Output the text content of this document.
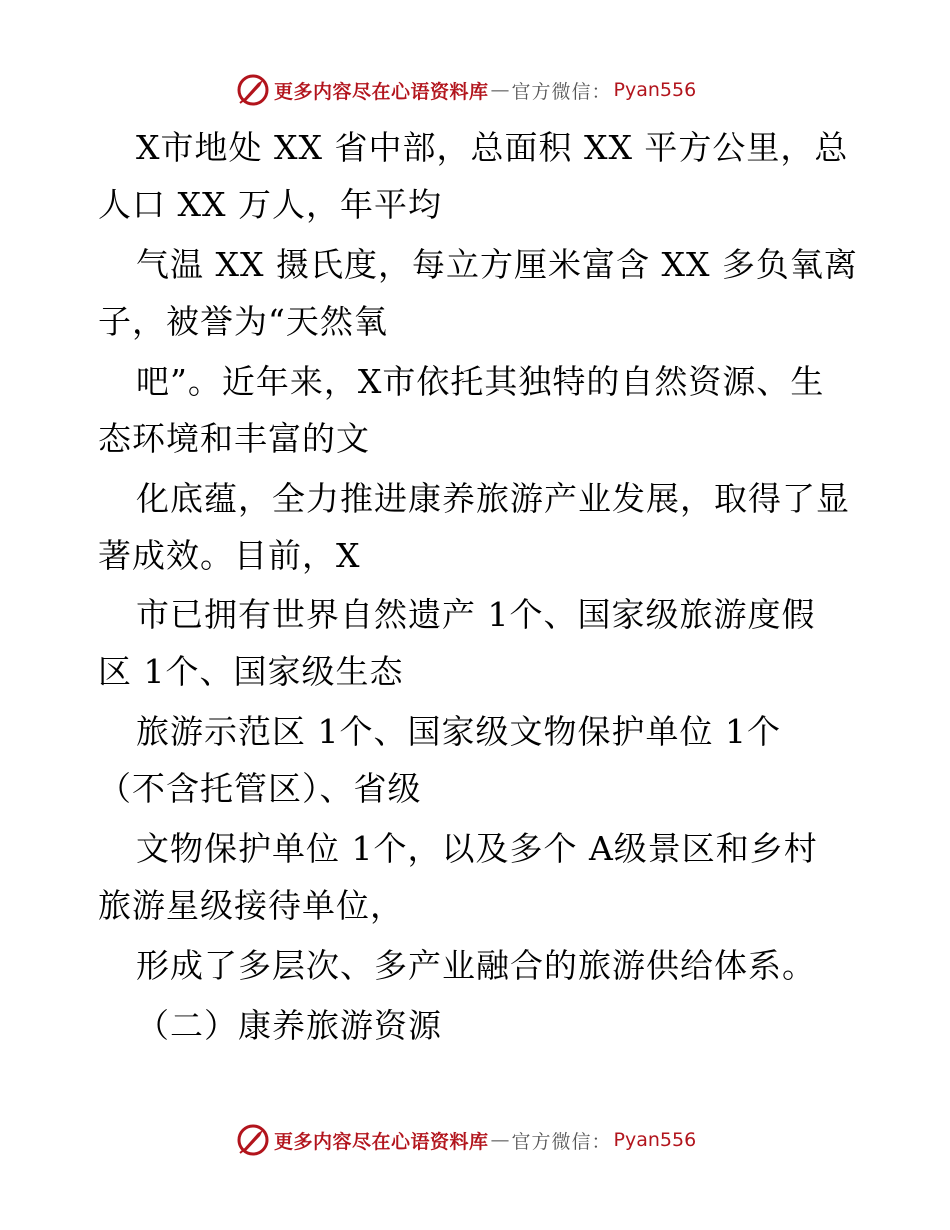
更多内容尽在心语资料库 — 官方微信： Pyan556
X市地处 XX 省中部，总面积 XX 平方公里，总
人口 XX 万人，年平均
气温 XX 摄氏度，每立方厘米富含 XX 多负氧离
子，被誉为“天然氧
吧”。近年来，X市依托其独特的自然资源、生
态环境和丰富的文
化底蕴，全力推进康养旅游产业发展，取得了显
著成效。目前，X
市已拥有世界自然遗产 1个、国家级旅游度假
区 1个、国家级生态
旅游示范区 1个、国家级文物保护单位 1个
（不含托管区）、省级
文物保护单位 1个，以及多个 A级景区和乡村
旅游星级接待单位，
形成了多层次、多产业融合的旅游供给体系。
（二）康养旅游资源
更多内容尽在心语资料库 — 官方微信： Pyan556
